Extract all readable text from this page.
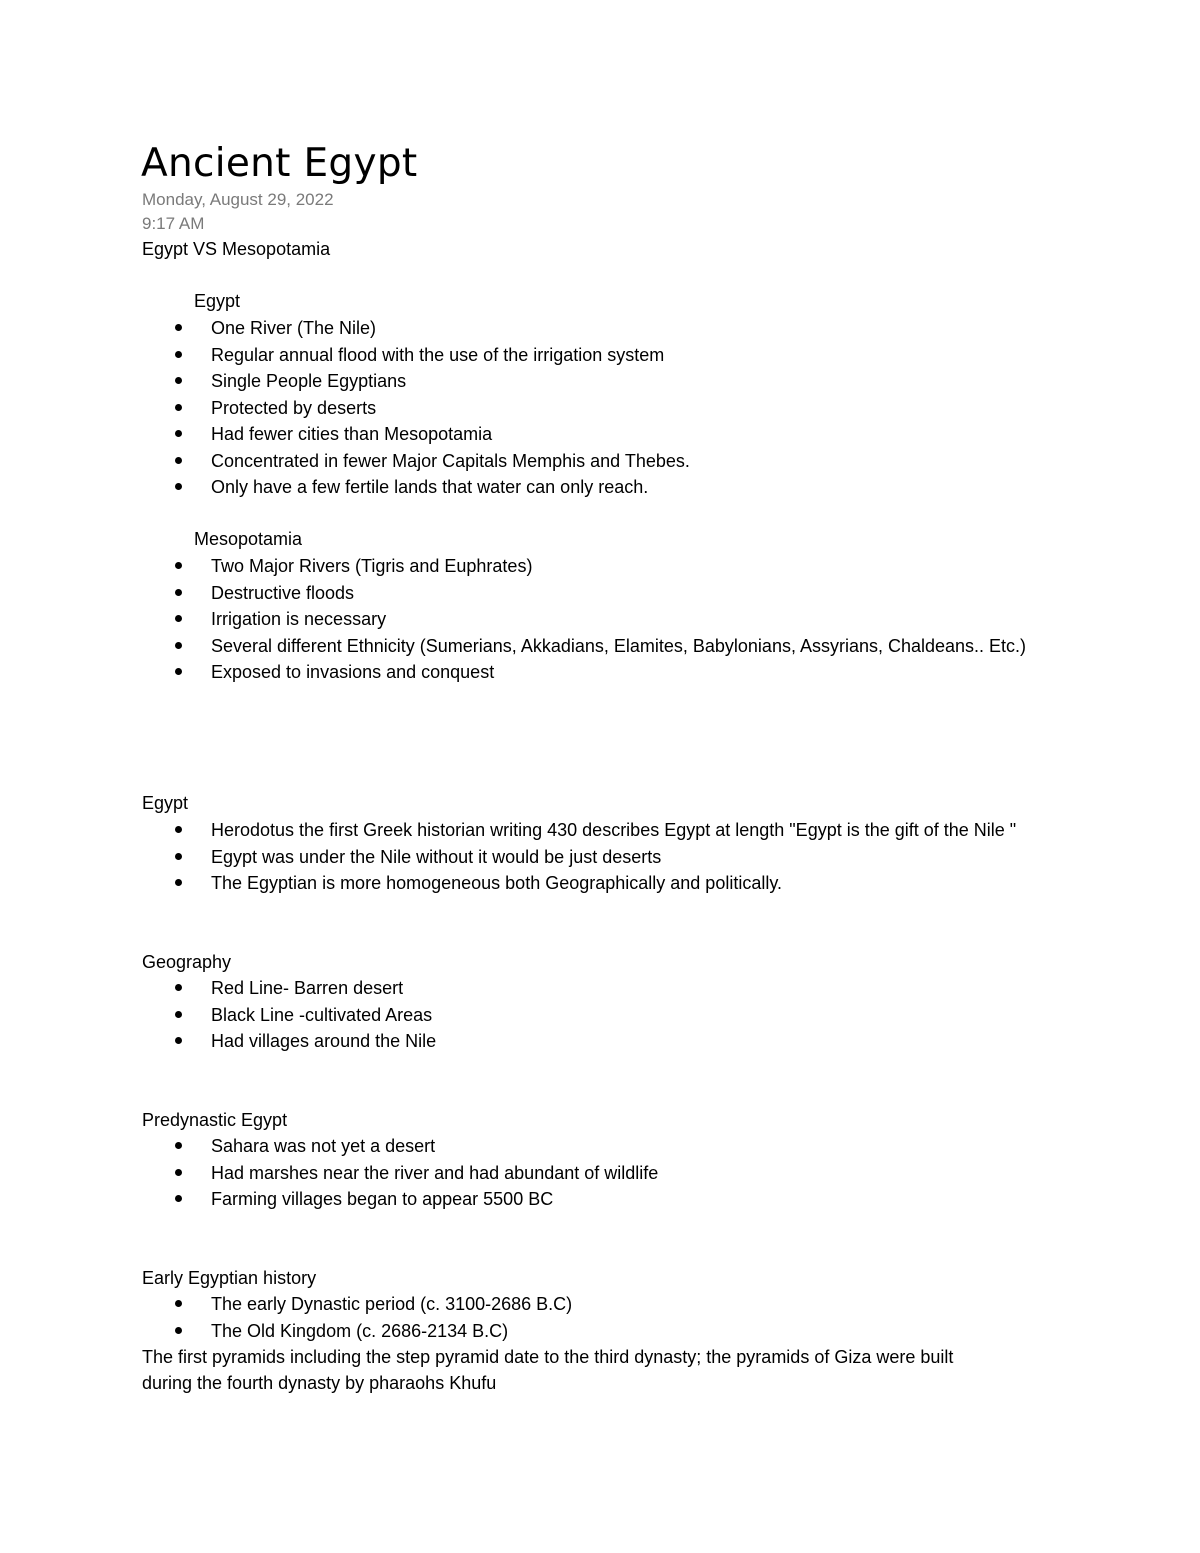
Ancient Egypt

Monday, August 29, 2022

9:17 AM

Egypt VS Mesopotamia

Egypt

One River (The Nile)
Regular annual flood with the use of the irrigation system
Single People Egyptians
Protected by deserts
Had fewer cities than Mesopotamia
Concentrated in fewer Major Capitals Memphis and Thebes.
Only have a few fertile lands that water can only reach.

Mesopotamia

Two Major Rivers (Tigris and Euphrates)
Destructive floods
Irrigation is necessary
Several different Ethnicity (Sumerians, Akkadians, Elamites, Babylonians, Assyrians, Chaldeans.. Etc.)
Exposed to invasions and conquest

Egypt

Herodotus the first Greek historian writing 430 describes Egypt at length "Egypt is the gift of the Nile "
Egypt was under the Nile without it would be just deserts
The Egyptian is more homogeneous both Geographically and politically.

Geography

Red Line- Barren desert
Black Line -cultivated Areas
Had villages around the Nile

Predynastic Egypt

Sahara was not yet a desert
Had marshes near the river and had abundant of wildlife
Farming villages began to appear 5500 BC

Early Egyptian history

The early Dynastic period (c. 3100-2686 B.C)
The Old Kingdom (c. 2686-2134 B.C)

The first pyramids including the step pyramid date to the third dynasty; the pyramids of Giza were built

during the fourth dynasty by pharaohs Khufu
